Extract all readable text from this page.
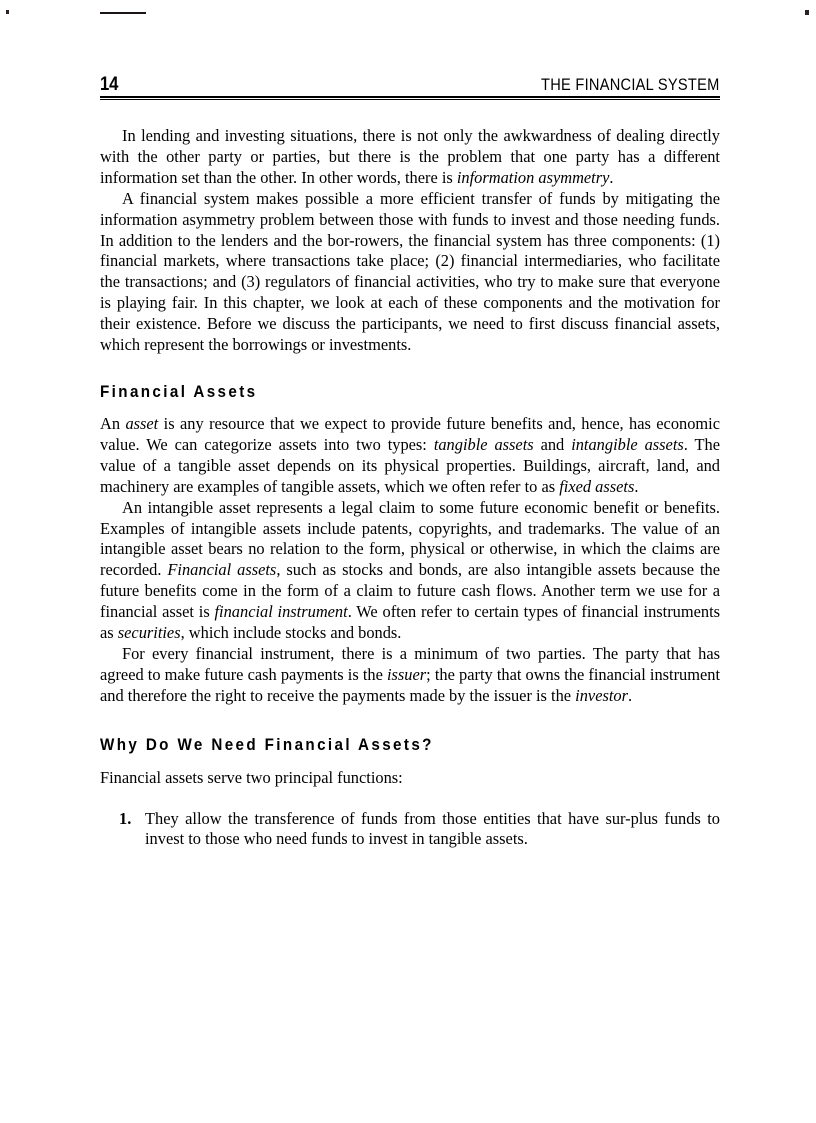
14	THE FINANCIAL SYSTEM

In lending and investing situations, there is not only the awkwardness of dealing directly with the other party or parties, but there is the problem that one party has a different information set than the other. In other words, there is information asymmetry.

A financial system makes possible a more efficient transfer of funds by mitigating the information asymmetry problem between those with funds to invest and those needing funds. In addition to the lenders and the bor-rowers, the financial system has three components: (1) financial markets, where transactions take place; (2) financial intermediaries, who facilitate the transactions; and (3) regulators of financial activities, who try to make sure that everyone is playing fair. In this chapter, we look at each of these components and the motivation for their existence. Before we discuss the participants, we need to first discuss financial assets, which represent the borrowings or investments.

Financial Assets

An asset is any resource that we expect to provide future benefits and, hence, has economic value. We can categorize assets into two types: tangible assets and intangible assets. The value of a tangible asset depends on its physical properties. Buildings, aircraft, land, and machinery are examples of tangible assets, which we often refer to as fixed assets.

An intangible asset represents a legal claim to some future economic benefit or benefits. Examples of intangible assets include patents, copyrights, and trademarks. The value of an intangible asset bears no relation to the form, physical or otherwise, in which the claims are recorded. Financial assets, such as stocks and bonds, are also intangible assets because the future benefits come in the form of a claim to future cash flows. Another term we use for a financial asset is financial instrument. We often refer to certain types of financial instruments as securities, which include stocks and bonds.

For every financial instrument, there is a minimum of two parties. The party that has agreed to make future cash payments is the issuer; the party that owns the financial instrument and therefore the right to receive the payments made by the issuer is the investor.

Why Do We Need Financial Assets?

Financial assets serve two principal functions:

1. They allow the transference of funds from those entities that have sur-plus funds to invest to those who need funds to invest in tangible assets.
